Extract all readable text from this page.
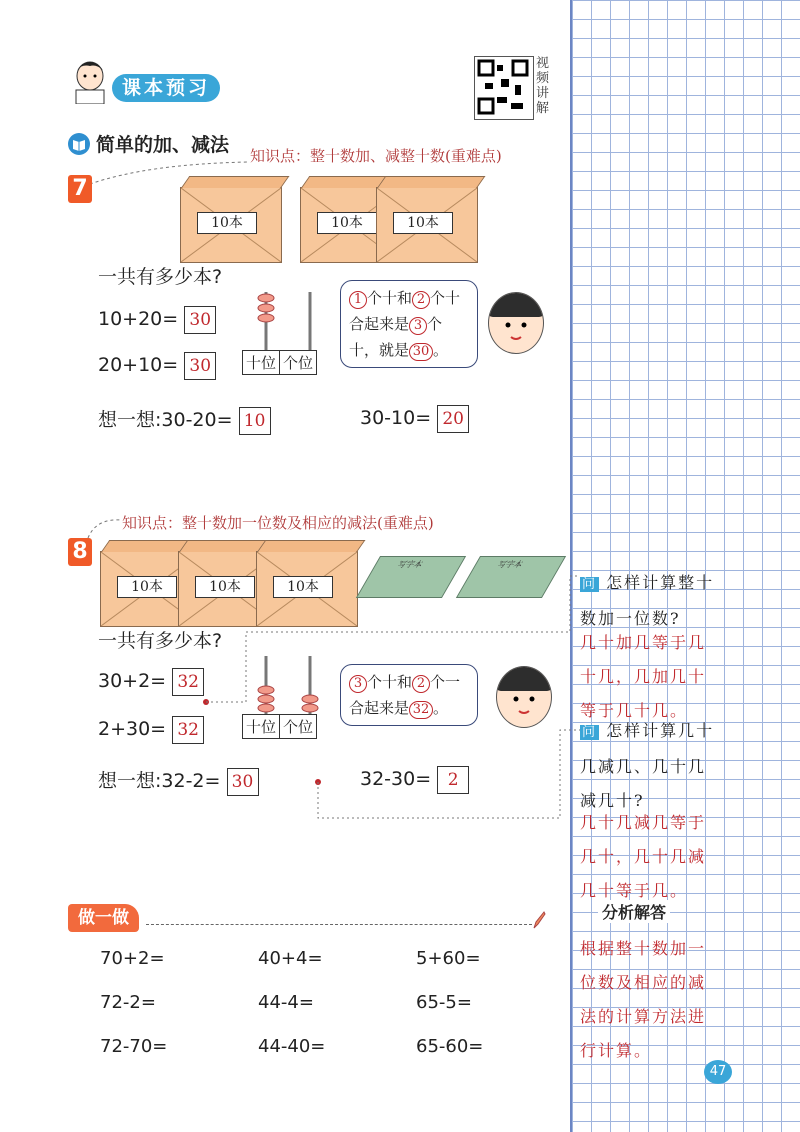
课本预习
视频讲解
简单的加、减法 知识点：整十数加、减整十数(重难点)
7
10本	10本	10本
一共有多少本?
10+20= 30
20+10= 30	十位 个位
1 个十和 2 个十
合起来是 3 个
十，就是 30 。
想一想:30-20= 10	30-10= 20
知识点：整十数加一位数及相应的减法(重难点)
8
10本	10本	10本
写字本	写字本
一共有多少本?
30+2= 32
2+30= 32	十位 个位
3 个十和 2 个一
合起来是 32 。
想一想:32-2= 30	32-30= 2
问 怎样计算整十
数加一位数?
几十加几等于几
十几，几加几十
等于几十几。
问 怎样计算几十
几减几、几十几
减几十?
几十几减几等于
几十，几十几减
几十等于几。
分析解答
根据整十数加一
位数及相应的减
法的计算方法进
行计算。
做一做
70+2=	40+4=	5+60=
72-2=	44-4=	65-5=
72-70=	44-40=	65-60=
47
